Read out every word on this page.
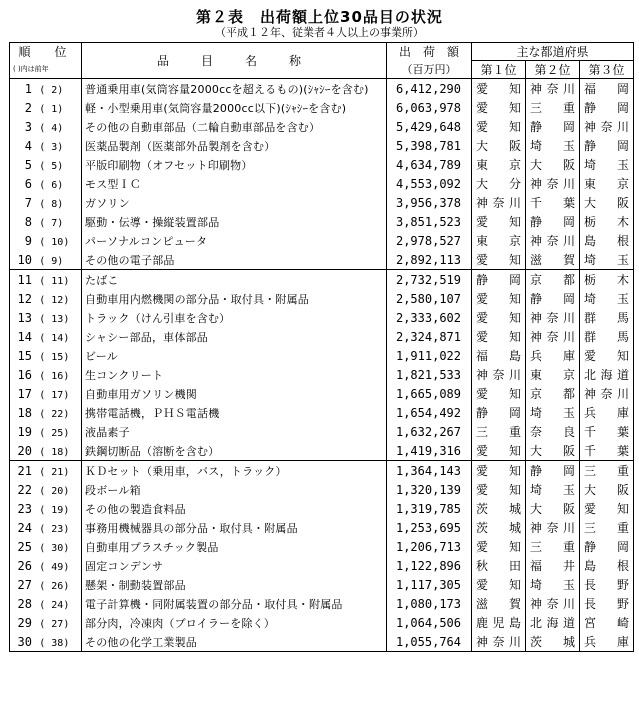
第２表　出荷額上位30品目の状況
（平成１２年、従業者４人以上の事業所）
順　位	品　目　名　称	出　荷　額	主な都道府県		
( )内は前年		（百万円）	第１位	第２位	第３位
1 ( 2)	普通乗用車(気筒容量2000ccを超えるもの)(ｼｬｼｰを含む)	6,412,290	愛知	神奈川	福岡
2 ( 1)	軽・小型乗用車(気筒容量2000cc以下)(ｼｬｼｰを含む)	6,063,978	愛知	三重	静岡
3 ( 4)	その他の自動車部品（二輪自動車部品を含む）	5,429,648	愛知	静岡	神奈川
4 ( 3)	医薬品製剤（医薬部外品製剤を含む）	5,398,781	大阪	埼玉	静岡
5 ( 5)	平版印刷物（オフセット印刷物）	4,634,789	東京	大阪	埼玉
6 ( 6)	モス型ＩＣ	4,553,092	大分	神奈川	東京
7 ( 8)	ガソリン	3,956,378	神奈川	千葉	大阪
8 ( 7)	駆動・伝導・操縦装置部品	3,851,523	愛知	静岡	栃木
9 ( 10)	パーソナルコンピュータ	2,978,527	東京	神奈川	島根
10 ( 9)	その他の電子部品	2,892,113	愛知	滋賀	埼玉
11 ( 11)	たばこ	2,732,519	静岡	京都	栃木
12 ( 12)	自動車用内燃機関の部分品・取付具・附属品	2,580,107	愛知	静岡	埼玉
13 ( 13)	トラック（けん引車を含む）	2,333,602	愛知	神奈川	群馬
14 ( 14)	シャシー部品，車体部品	2,324,871	愛知	神奈川	群馬
15 ( 15)	ビール	1,911,022	福島	兵庫	愛知
16 ( 16)	生コンクリート	1,821,533	神奈川	東京	北海道
17 ( 17)	自動車用ガソリン機関	1,665,089	愛知	京都	神奈川
18 ( 22)	携帯電話機，ＰＨＳ電話機	1,654,492	静岡	埼玉	兵庫
19 ( 25)	液晶素子	1,632,267	三重	奈良	千葉
20 ( 18)	鉄鋼切断品（溶断を含む）	1,419,316	愛知	大阪	千葉
21 ( 21)	ＫＤセット（乗用車，バス，トラック）	1,364,143	愛知	静岡	三重
22 ( 20)	段ボール箱	1,320,139	愛知	埼玉	大阪
23 ( 19)	その他の製造食料品	1,319,785	茨城	大阪	愛知
24 ( 23)	事務用機械器具の部分品・取付具・附属品	1,253,695	茨城	神奈川	三重
25 ( 30)	自動車用プラスチック製品	1,206,713	愛知	三重	静岡
26 ( 49)	固定コンデンサ	1,122,896	秋田	福井	島根
27 ( 26)	懸架・制動装置部品	1,117,305	愛知	埼玉	長野
28 ( 24)	電子計算機・同附属装置の部分品・取付具・附属品	1,080,173	滋賀	神奈川	長野
29 ( 27)	部分肉，冷凍肉（ブロイラーを除く）	1,064,506	鹿児島	北海道	宮崎
30 ( 38)	その他の化学工業製品	1,055,764	神奈川	茨城	兵庫
